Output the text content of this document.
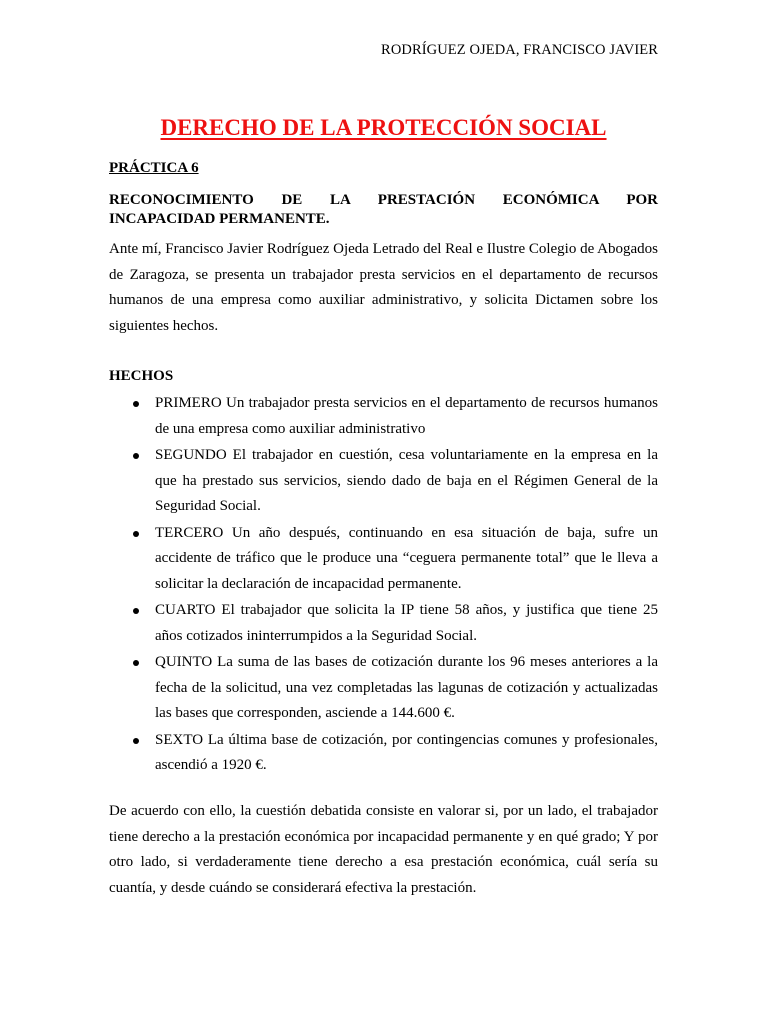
RODRÍGUEZ OJEDA, FRANCISCO JAVIER
DERECHO DE LA PROTECCIÓN SOCIAL
PRÁCTICA 6
RECONOCIMIENTO DE LA PRESTACIÓN ECONÓMICA POR
INCAPACIDAD PERMANENTE.
Ante mí, Francisco Javier Rodríguez Ojeda Letrado del Real e Ilustre Colegio de Abogados de Zaragoza, se presenta un trabajador presta servicios en el departamento de recursos humanos de una empresa como auxiliar administrativo, y solicita Dictamen sobre los siguientes hechos.
HECHOS
PRIMERO Un trabajador presta servicios en el departamento de recursos humanos de una empresa como auxiliar administrativo
SEGUNDO El trabajador en cuestión, cesa voluntariamente en la empresa en la que ha prestado sus servicios, siendo dado de baja en el Régimen General de la Seguridad Social.
TERCERO Un año después, continuando en esa situación de baja, sufre un accidente de tráfico que le produce una “ceguera permanente total” que le lleva a solicitar la declaración de incapacidad permanente.
CUARTO El trabajador que solicita la IP tiene 58 años, y justifica que tiene 25 años cotizados ininterrumpidos a la Seguridad Social.
QUINTO La suma de las bases de cotización durante los 96 meses anteriores a la fecha de la solicitud, una vez completadas las lagunas de cotización y actualizadas las bases que corresponden, asciende a 144.600 €.
SEXTO La última base de cotización, por contingencias comunes y profesionales, ascendió a 1920 €.
De acuerdo con ello, la cuestión debatida consiste en valorar si, por un lado, el trabajador tiene derecho a la prestación económica por incapacidad permanente y en qué grado; Y por otro lado, si verdaderamente tiene derecho a esa prestación económica, cuál sería su cuantía, y desde cuándo se considerará efectiva la prestación.
